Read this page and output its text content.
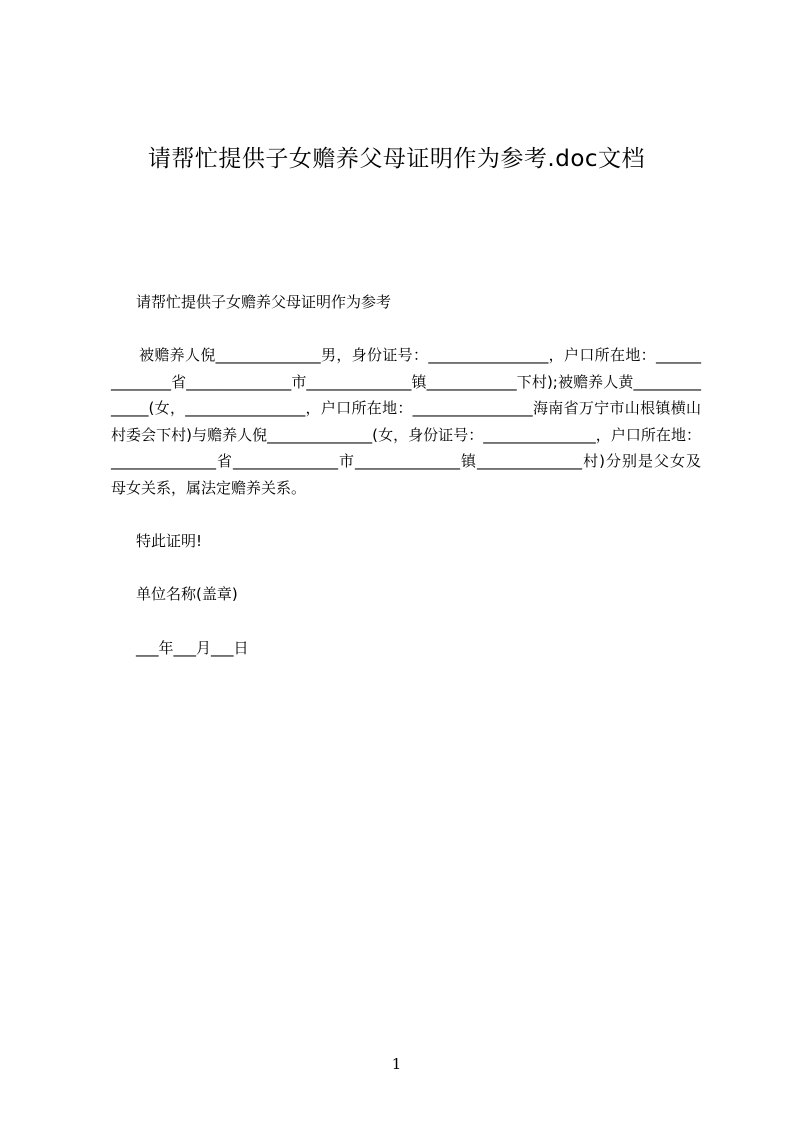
请帮忙提供子女赡养父母证明作为参考.doc文档
请帮忙提供子女赡养父母证明作为参考
被赡养人倪______________男，身份证号：________________，户口所在地：______________省______________市______________镇____________下村);被赡养人黄______________(女，________________，户口所在地：________________海南省万宁市山根镇横山村委会下村)与赡养人倪______________(女，身份证号：_______________，户口所在地：______________省______________市______________镇______________村)分别是父女及母女关系，属法定赡养关系。
特此证明!
单位名称(盖章)
___年___月___日
1
